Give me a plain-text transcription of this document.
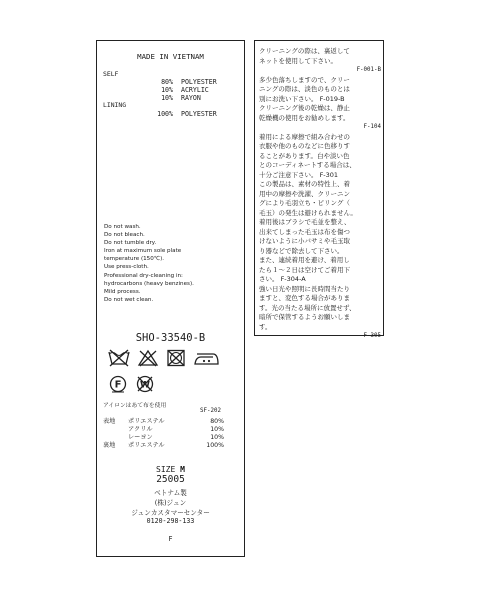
MADE IN VIETNAM
SELF
80% POLYESTER
10% ACRYLIC
10% RAYON
LINING
100% POLYESTER
Do not wash.
Do not bleach.
Do not tumble dry.
Iron at maximum sole plate
temperature (150℃).
Use press-cloth.
Professional dry-cleaning in:
hydrocarbons (heavy benzines).
Mild process.
Do not wet clean.
SHO-33540-B
F W
アイロンはあて布を使用
SF-202
表地 ポリエステル	80%
アクリル	10%
レーヨン	10%
裏地 ポリエステル	100%
SIZE M
25005
ベトナム製
(株)ジュン
ジュンカスタマーセンター
0120-298-133
F
クリーニングの際は、裏返して
ネットを使用して下さい。
F-001-B
多少色落ちしますので、クリー
ニングの際は、淡色のものとは
別にお洗い下さい。 F-019-B
クリーニング後の乾燥は、静止
乾燥機の使用をお勧めします。
F-104
着用による摩擦で組み合わせの
衣服や他のものなどに色移りす
ることがあります。白や淡い色
とのコーディネートする場合は、
十分ご注意下さい。 F-301
この製品は、素材の特性上、着
用中の摩擦や洗濯、クリーニン
グにより毛羽立ち・ピリング（
毛玉）の発生は避けられません。
着用後はブラシで毛並を整え、
出来てしまった毛玉は布を傷つ
けないように小バサミや毛玉取
り器などで除去して下さい。
また、連続着用を避け、着用し
たら１～２日は空けてご着用下
さい。 F-304-A
強い日光や照明に長時間当たり
ますと、変色する場合がありま
す。光の当たる場所に放置せず、
暗所で保管するようお願いしま
す。
F-305
